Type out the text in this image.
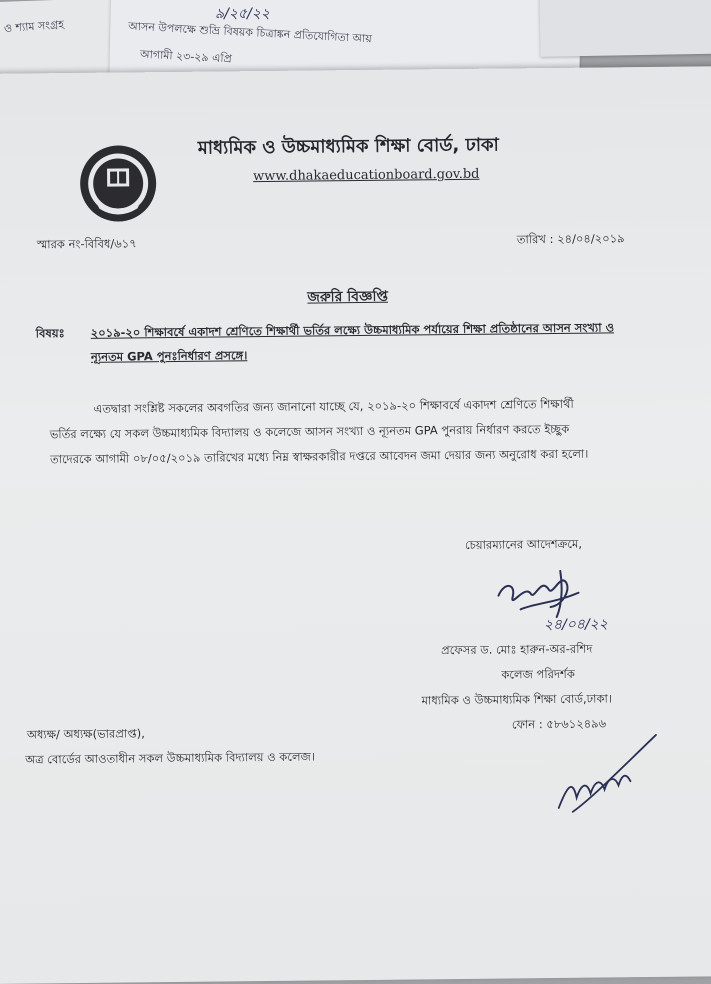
ও শ্যাম সংগ্রহ
৯/২৫/২২
আসন উপলক্ষে শুভ্রি বিষয়ক চিত্রাঙ্কন প্রতিযোগিতা আয়
আগামী ২৩-২৯ এপ্রি
মাধ্যমিক ও উচ্চমাধ্যমিক শিক্ষা বোর্ড, ঢাকা
www.dhakaeducationboard.gov.bd
স্মারক নং-বিবিধ/৬১৭	তারিখ : ২৪/০৪/২০১৯
জরুরি বিজ্ঞপ্তি
বিষয়ঃ ২০১৯-২০ শিক্ষাবর্ষে একাদশ শ্রেণিতে শিক্ষার্থী ভর্তির লক্ষ্যে উচ্চমাধ্যমিক পর্যায়ের শিক্ষা প্রতিষ্ঠানের আসন সংখ্যা ও
ন্যূনতম GPA পুনঃনির্ধারণ প্রসঙ্গে।
এতদ্বারা সংশ্লিষ্ট সকলের অবগতির জন্য জানানো যাচ্ছে যে, ২০১৯-২০ শিক্ষাবর্ষে একাদশ শ্রেণিতে শিক্ষার্থী
ভর্তির লক্ষ্যে যে সকল উচ্চমাধ্যমিক বিদ্যালয় ও কলেজে আসন সংখ্যা ও ন্যূনতম GPA পুনরায় নির্ধারণ করতে ইচ্ছুক
তাদেরকে আগামী ০৮/০৫/২০১৯ তারিখের মধ্যে নিম্ন স্বাক্ষরকারীর দপ্তরে আবেদন জমা দেয়ার জন্য অনুরোধ করা হলো।
চেয়ারম্যানের আদেশক্রমে,
২৪/০৪/২২
প্রফেসর ড. মোঃ হারুন-অর-রশিদ
কলেজ পরিদর্শক
মাধ্যমিক ও উচ্চমাধ্যমিক শিক্ষা বোর্ড,ঢাকা।
ফোন : ৫৮৬১২৪৯৬
অধ্যক্ষ/ অধ্যক্ষ(ভারপ্রাপ্ত),
অত্র বোর্ডের আওতাধীন সকল উচ্চমাধ্যমিক বিদ্যালয় ও কলেজ।
